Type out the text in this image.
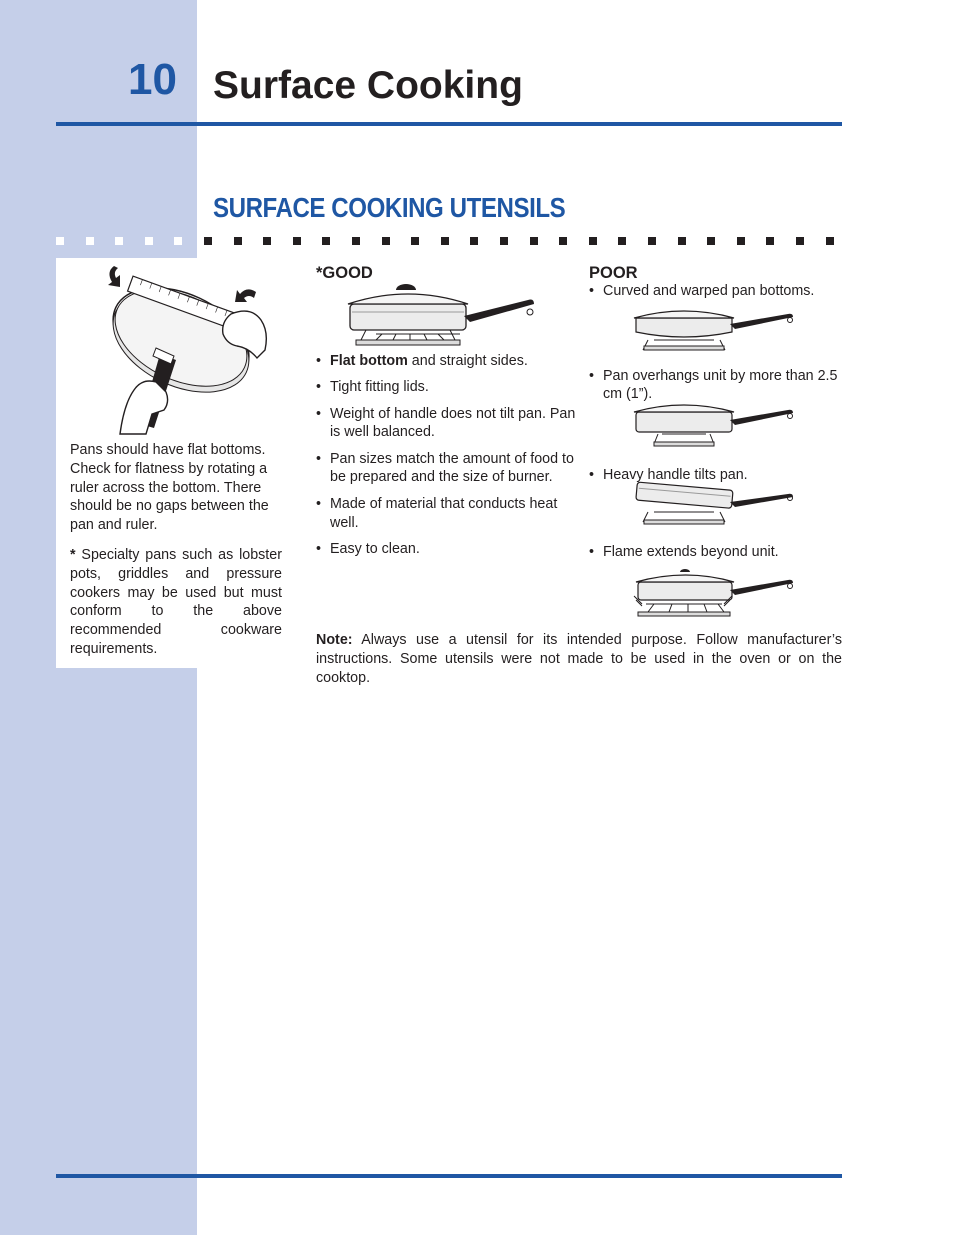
10 Surface Cooking
SURFACE COOKING UTENSILS

Pans should have flat bottoms. Check for flatness by rotating a ruler across the bottom. There should be no gaps between the pan and ruler.

* Specialty pans such as lobster pots, griddles and pressure cookers may be used but must conform to the above recommended cookware requirements.

*GOOD
• Flat bottom and straight sides.
• Tight fitting lids.
• Weight of handle does not tilt pan. Pan is well balanced.
• Pan sizes match the amount of food to be prepared and the size of burner.
• Made of material that conducts heat well.
• Easy to clean.
POOR
• Curved and warped pan bottoms.
• Pan overhangs unit by more than 2.5 cm (1”).
• Heavy handle tilts pan.
• Flame extends beyond unit.

Note: Always use a utensil for its intended purpose. Follow manufacturer’s instructions. Some utensils were not made to be used in the oven or on the cooktop.
